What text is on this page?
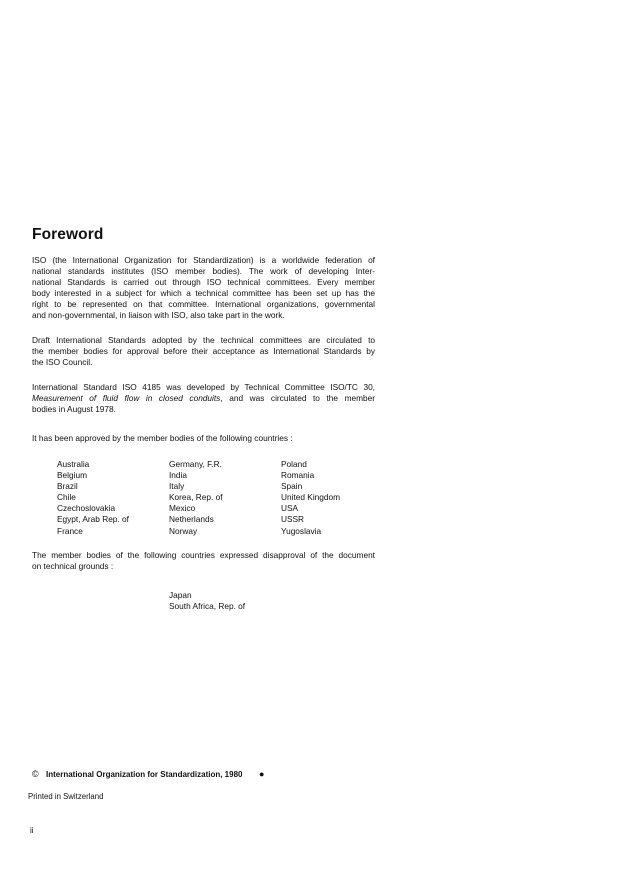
Foreword

ISO (the International Organization for Standardization) is a worldwide federation of
national standards institutes (ISO member bodies). The work of developing Inter-
national Standards is carried out through ISO technical committees. Every member
body interested in a subject for which a technical committee has been set up has the
right to be represented on that committee. International organizations, governmental
and non-governmental, in liaison with ISO, also take part in the work.

Draft International Standards adopted by the technical committees are circulated to
the member bodies for approval before their acceptance as International Standards by
the ISO Council.

International Standard ISO 4185 was developed by Technical Committee ISO/TC 30,
Measurement of fluid flow in closed conduits, and was circulated to the member
bodies in August 1978.

It has been approved by the member bodies of the following countries :

Australia
Belgium
Brazil
Chile
Czechoslovakia
Egypt, Arab Rep. of
France
Germany, F.R.
India
Italy
Korea, Rep. of
Mexico
Netherlands
Norway
Poland
Romania
Spain
United Kingdom
USA
USSR
Yugoslavia

The member bodies of the following countries expressed disapproval of the document
on technical grounds :

Japan
South Africa, Rep. of
© International Organization for Standardization, 1980 ●
Printed in Switzerland
ii
